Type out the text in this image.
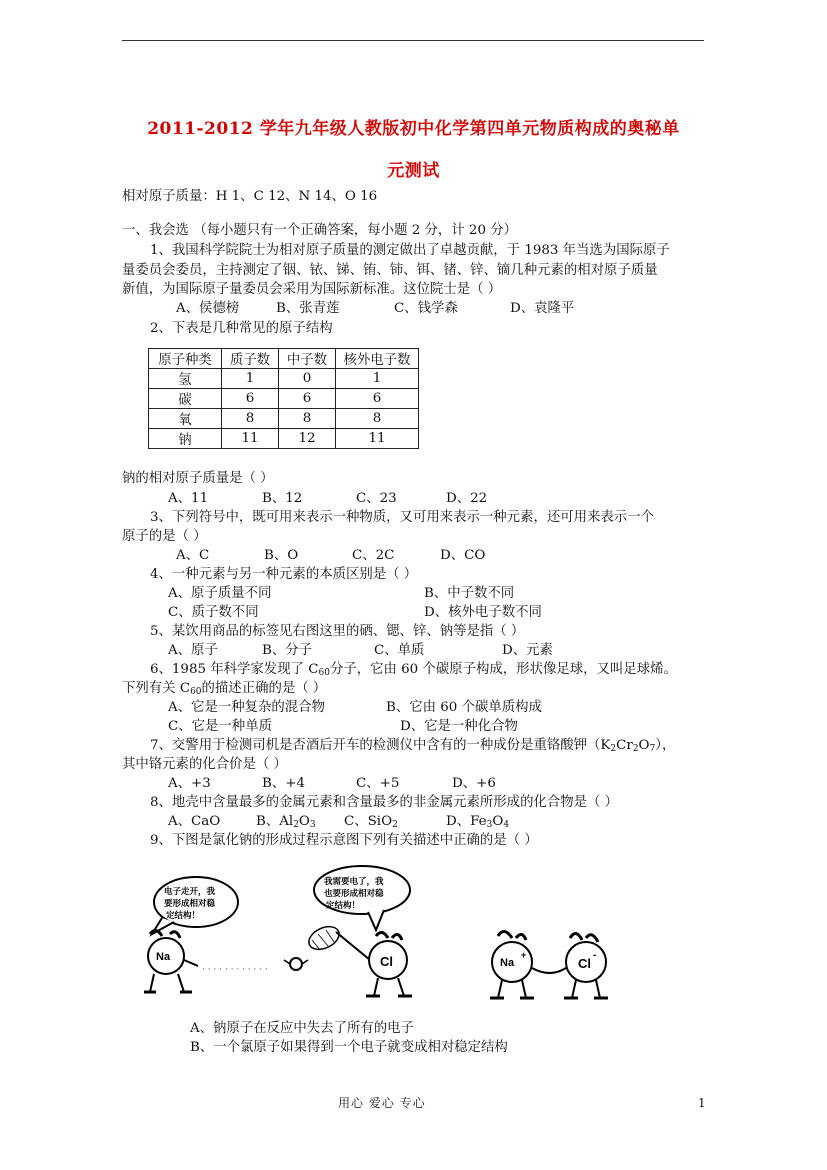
2011-2012 学年九年级人教版初中化学第四单元物质构成的奥秘单
元测试
相对原子质量：H 1、C 12、N 14、O 16
一、我会选 （每小题只有一个正确答案，每小题 2 分，计 20 分）
1、我国科学院院士为相对原子质量的测定做出了卓越贡献，于 1983 年当选为国际原子
量委员会委员，主持测定了铟、铱、锑、铕、铈、铒、锗、锌、镝几种元素的相对原子质量
新值，为国际原子量委员会采用为国际新标准。这位院士是（ ）
A、侯德榜	B、张青莲	C、钱学森	D、袁隆平
2、下表是几种常见的原子结构
原子种类	质子数	中子数	核外电子数
氢	1	0	1
碳	6	6	6
氧	8	8	8
钠	11	12	11
钠的相对原子质量是（ ）
A、11	B、12	C、23	D、22
3、下列符号中，既可用来表示一种物质，又可用来表示一种元素，还可用来表示一个
原子的是（ ）
A、C	B、O	C、2C	D、CO
4、一种元素与另一种元素的本质区别是（ ）
A、原子质量不同	B、中子数不同
C、质子数不同	D、核外电子数不同
5、某饮用商品的标签见右图这里的硒、锶、锌、钠等是指（ ）
A、原子	B、分子	C、单质	D、元素
6、1985 年科学家发现了 $C_{60}$分子，它由 60 个碳原子构成，形状像足球，又叫足球烯。
下列有关 $C_{60}$的描述正确的是（ ）
A、它是一种复杂的混合物	B、它由 60 个碳单质构成
C、它是一种单质	D、它是一种化合物
7、交警用于检测司机是否酒后开车的检测仪中含有的一种成份是重铬酸钾$(K_2Cr_2O_7)$，
其中铬元素的化合价是（ ）
A、+3	B、+4	C、+5	D、+6
8、地壳中含量最多的金属元素和含量最多的非金属元素所形成的化合物是（ ）
A、CaO	B、$Al_2O_3$ C、SiO$_2$	D、$Fe_3O_4$
9、下图是氯化钠的形成过程示意图下列有关描述中正确的是（ ）
电子走开，我
要形成相对稳
定结构！
Na
· · · · · · · · · · · ·
我需要电了，我
也要形成相对稳
定结构！
Cl	Na
+
Cl
-
A、钠原子在反应中失去了所有的电子
B、一个氯原子如果得到一个电子就变成相对稳定结构
用心 爱心 专心	1
